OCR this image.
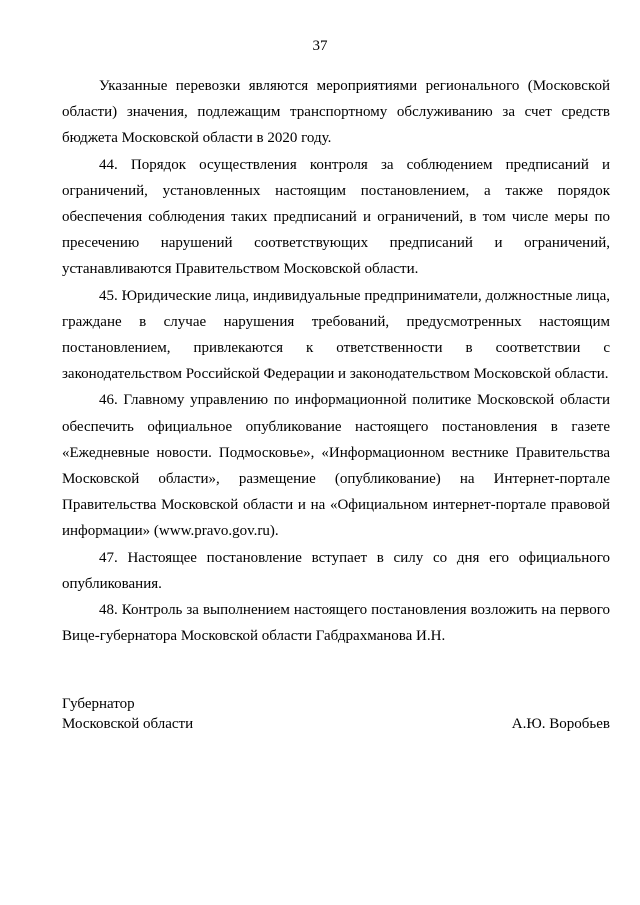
37

Указанные перевозки являются мероприятиями регионального (Московской области) значения, подлежащим транспортному обслуживанию за счет средств бюджета Московской области в 2020 году.

44. Порядок осуществления контроля за соблюдением предписаний и ограничений, установленных настоящим постановлением, а также порядок обеспечения соблюдения таких предписаний и ограничений, в том числе меры по пресечению нарушений соответствующих предписаний и ограничений, устанавливаются Правительством Московской области.

45. Юридические лица, индивидуальные предприниматели, должностные лица, граждане в случае нарушения требований, предусмотренных настоящим постановлением, привлекаются к ответственности в соответствии с законодательством Российской Федерации и законодательством Московской области.

46. Главному управлению по информационной политике Московской области обеспечить официальное опубликование настоящего постановления в газете «Ежедневные новости. Подмосковье», «Информационном вестнике Правительства Московской области», размещение (опубликование) на Интернет-портале Правительства Московской области и на «Официальном интернет-портале правовой информации» (www.pravo.gov.ru).

47. Настоящее постановление вступает в силу со дня его официального опубликования.

48. Контроль за выполнением настоящего постановления возложить на первого Вице-губернатора Московской области Габдрахманова И.Н.

Губернатор
Московской области	А.Ю. Воробьев
